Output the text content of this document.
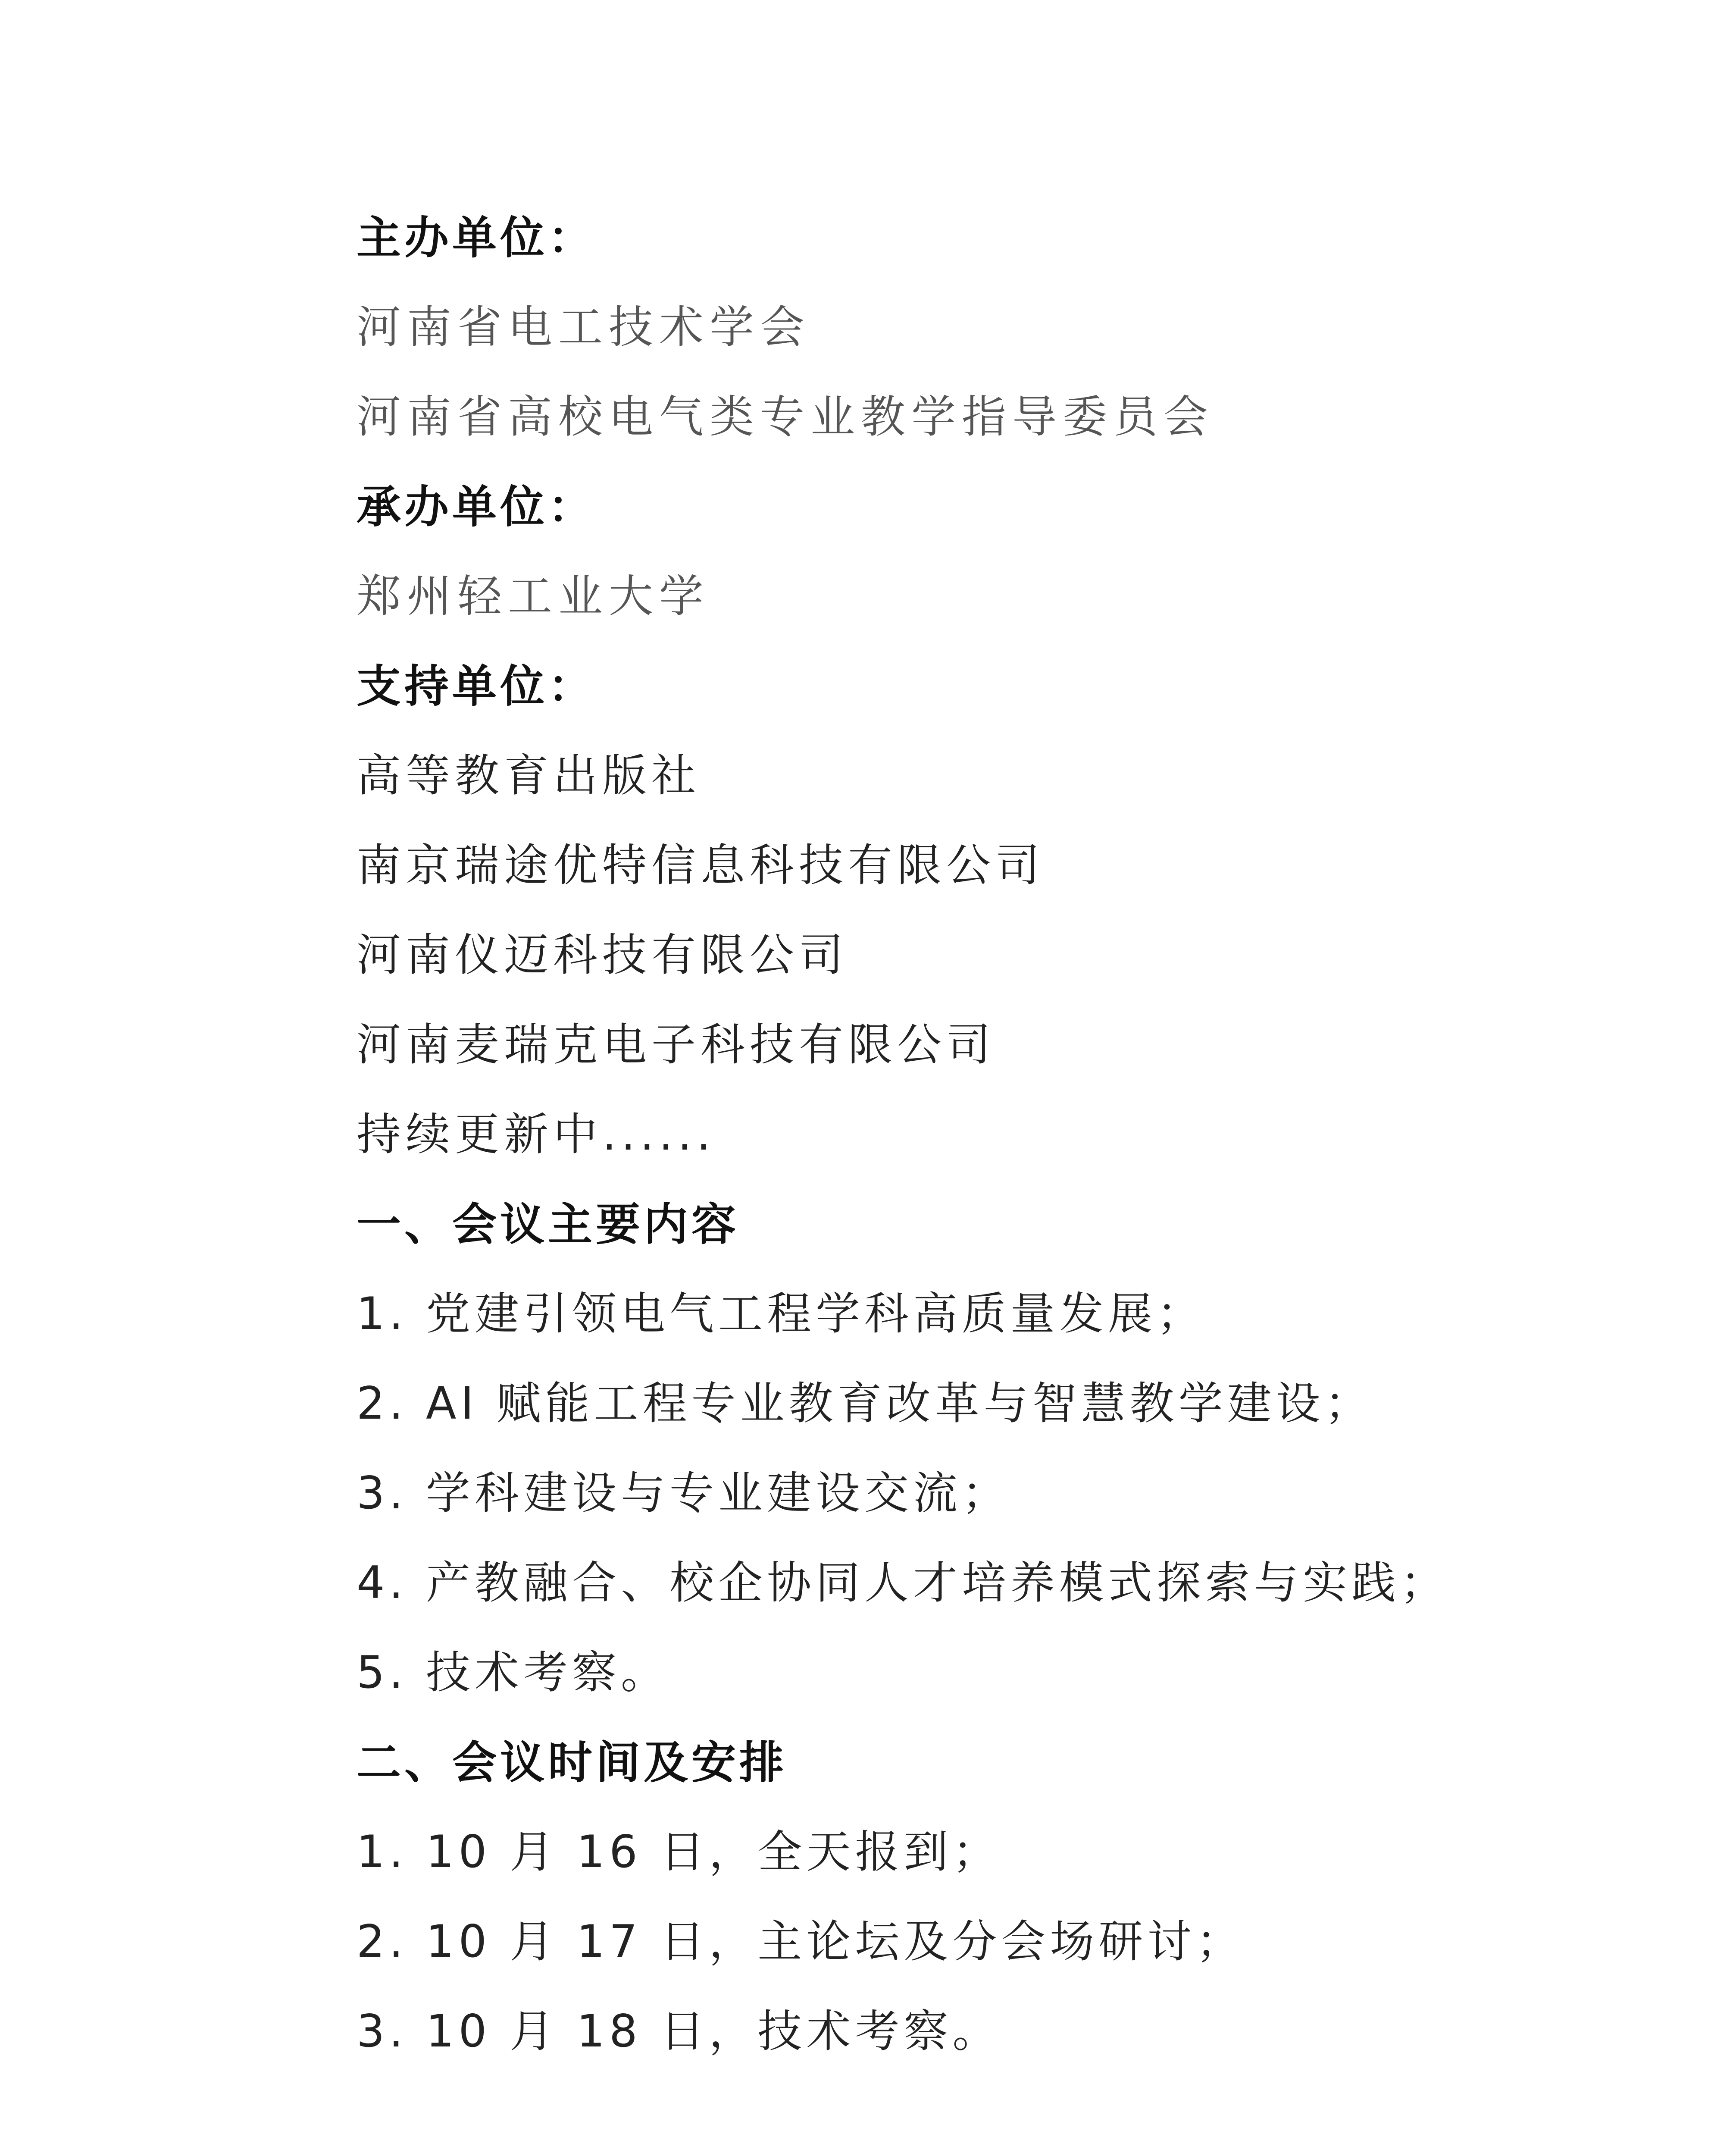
主办单位：
河南省电工技术学会
河南省高校电气类专业教学指导委员会
承办单位：
郑州轻工业大学
支持单位：
高等教育出版社
南京瑞途优特信息科技有限公司
河南仪迈科技有限公司
河南麦瑞克电子科技有限公司
持续更新中......
一、会议主要内容
1. 党建引领电气工程学科高质量发展；
2. AI 赋能工程专业教育改革与智慧教学建设；
3. 学科建设与专业建设交流；
4. 产教融合、校企协同人才培养模式探索与实践；
5. 技术考察。
二、会议时间及安排
1. 10 月 16 日，全天报到；
2. 10 月 17 日，主论坛及分会场研讨；
3. 10 月 18 日，技术考察。
